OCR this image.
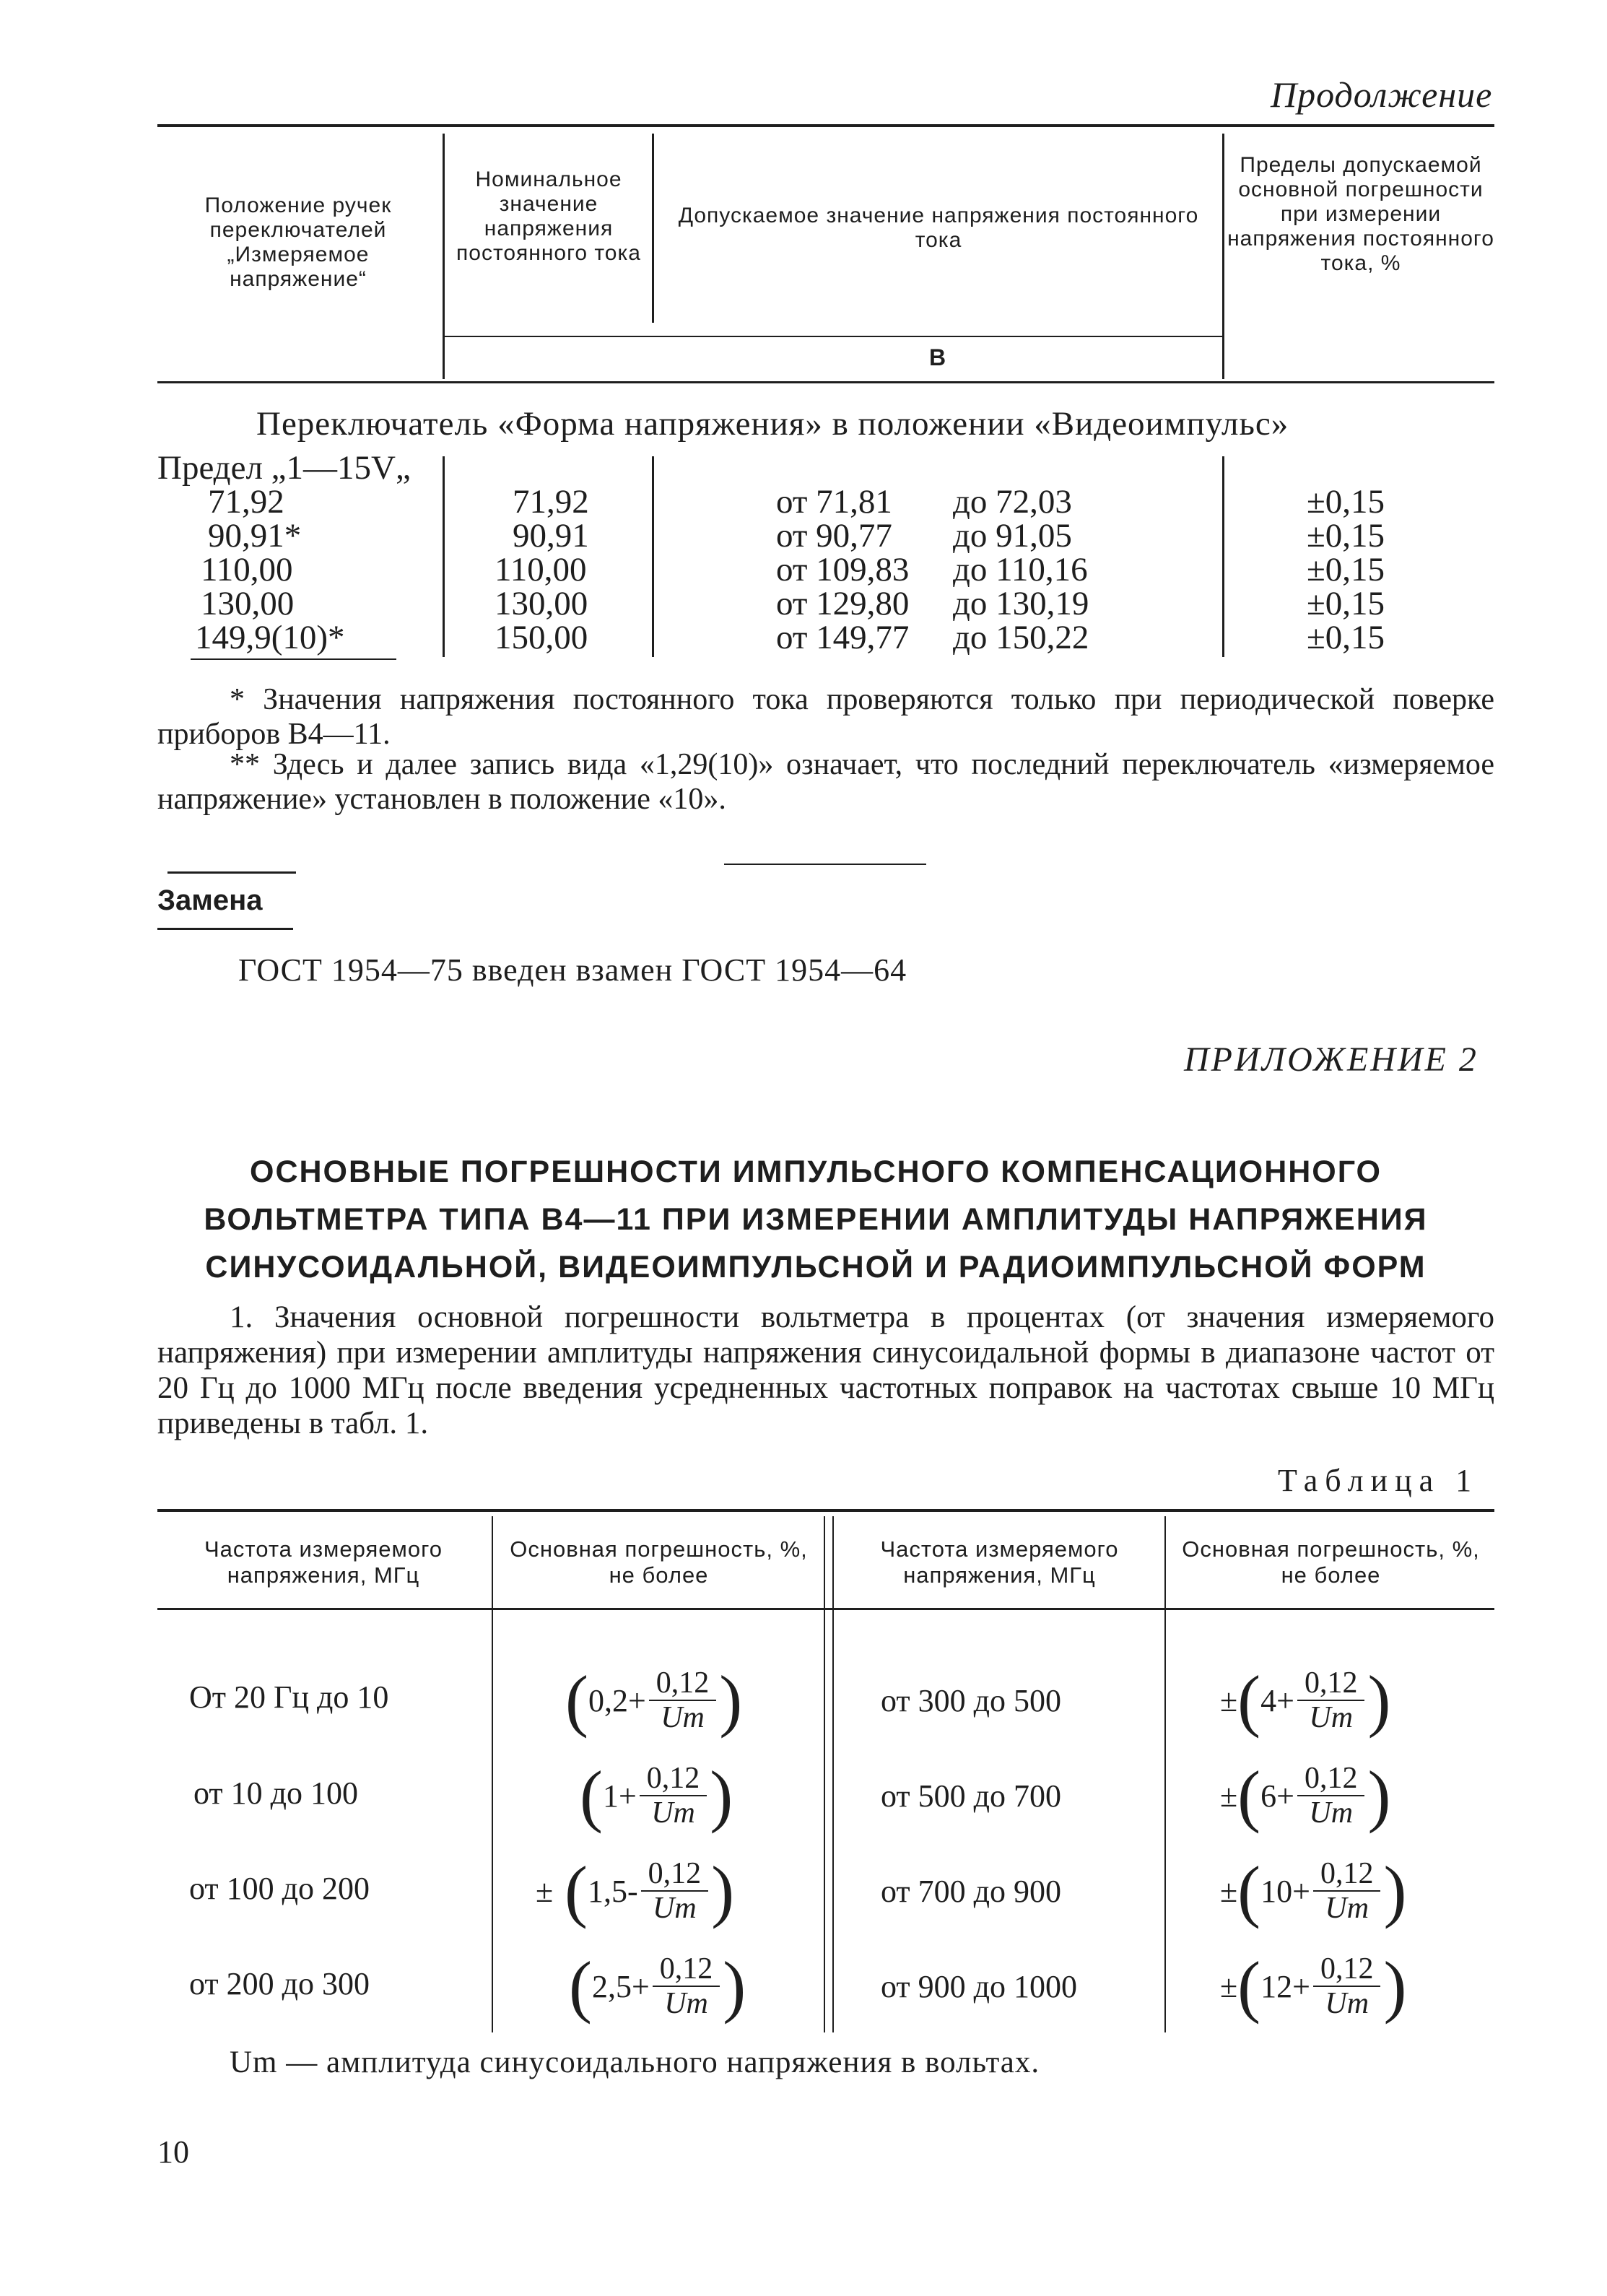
Продолжение
Положение ручек переключателей „Измеряемое напряжение“
Номинальное значение напряжения постоянного тока
Допускаемое значение напряжения постоянного тока
В
Пределы допускаемой основной погрешности при измерении напряжения постоянного тока, %
Переключатель «Форма напряжения» в положении «Видеоимпульс»
Предел „1—15V„
71,92
90,91*
110,00
130,00
149,9(10)*
71,92
90,91
110,00
130,00
150,00
от 71,81
от 90,77
от 109,83
от 129,80
от 149,77
до 72,03
до 91,05
до 110,16
до 130,19
до 150,22
±0,15
±0,15
±0,15
±0,15
±0,15
* Значения напряжения постоянного тока проверяются только при периодической поверке приборов В4—11.
** Здесь и далее запись вида «1,29(10)» означает, что последний переключатель «измеряемое напряжение» установлен в положение «10».
Замена
ГОСТ 1954—75 введен взамен ГОСТ 1954—64
ПРИЛОЖЕНИЕ 2
ОСНОВНЫЕ ПОГРЕШНОСТИ ИМПУЛЬСНОГО КОМПЕНСАЦИОННОГО
ВОЛЬТМЕТРА ТИПА В4—11 ПРИ ИЗМЕРЕНИИ АМПЛИТУДЫ НАПРЯЖЕНИЯ
СИНУСОИДАЛЬНОЙ, ВИДЕОИМПУЛЬСНОЙ И РАДИОИМПУЛЬСНОЙ ФОРМ
1. Значения основной погрешности вольтметра в процентах (от значения измеряемого напряжения) при измерении амплитуды напряжения синусоидальной формы в диапазоне частот от 20 Гц до 1000 МГц после введения усредненных частотных поправок на частотах свыше 10 МГц приведены в табл. 1.
Таблица 1
Частота измеряемого напряжения, МГц
Основная погрешность, %, не более
Частота измеряемого напряжения, МГц
Основная погрешность, %, не более
От 20 Гц до 10
от 10 до 100
от 100 до 200
от 200 до 300
( $0,2+ \frac{0,12}{Um}$ )
( $1+ \frac{0,12}{Um}$ )
± ( $1,5- \frac{0,12}{Um}$ )
( $2,5+ \frac{0,12}{Um}$ )
от 300 до 500
от 500 до 700
от 700 до 900
от 900 до 1000
± ( $4+ \frac{0,12}{Um}$ )
± ( $6+ \frac{0,12}{Um}$ )
± ( $10+ \frac{0,12}{Um}$ )
± ( $12+ \frac{0,12}{Um}$ )
Um — амплитуда синусоидального напряжения в вольтах.
10
